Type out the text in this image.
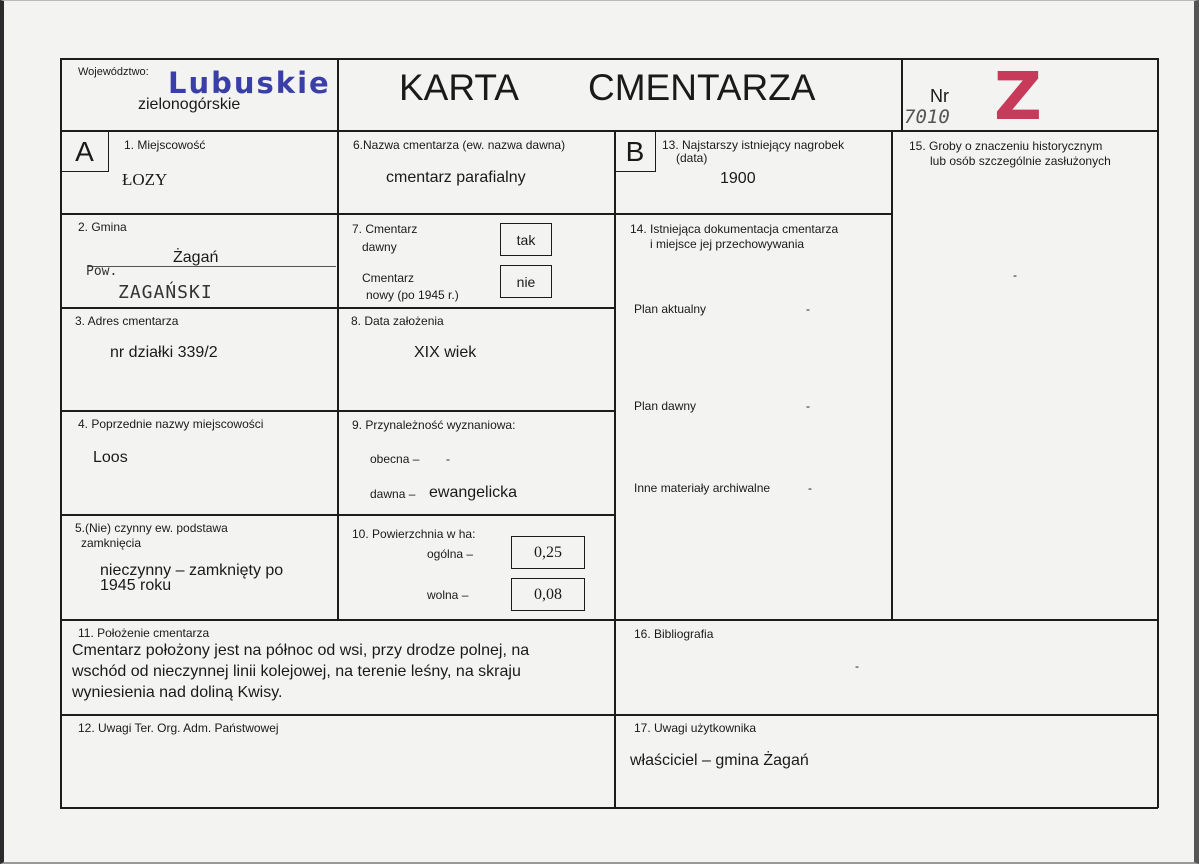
Województwo: Lubuskie
zielonogórskie	KARTA CMENTARZA	Nr
7010 Z
A	1. Miejscowość
ŁOZY
6.Nazwa cmentarza (ew. nazwa dawna)
cmentarz parafialny
2. Gmina
Żagań
Pow.
ZAGAŃSKI
7. Cmentarz
dawny	tak
Cmentarz
nowy (po 1945 r.)
nie
3. Adres cmentarza
nr działki 339/2
8. Data założenia
XIX wiek
4. Poprzednie nazwy miejscowości
Loos
9. Przynależność wyznaniowa:
obecna – -
dawna – ewangelicka
5.(Nie) czynny ew. podstawa
zamknięcia
nieczynny – zamknięty po
1945 roku
10. Powierzchnia w ha:
ogólna –	0,25
wolna –	0,08
B 13. Najstarszy istniejący nagrobek
(data)
1900
14. Istniejąca dokumentacja cmentarza
i miejsce jej przechowywania
Plan aktualny	-
Plan dawny	-
Inne materiały archiwalne	-
15. Groby o znaczeniu historycznym
lub osób szczególnie zasłużonych
-
11. Położenie cmentarza
Cmentarz położony jest na północ od wsi, przy drodze polnej, na
wschód od nieczynnej linii kolejowej, na terenie leśny, na skraju
wyniesienia nad doliną Kwisy.
16. Bibliografia
-
12. Uwagi Ter. Org. Adm. Państwowej	17. Uwagi użytkownika
właściciel – gmina Żagań
